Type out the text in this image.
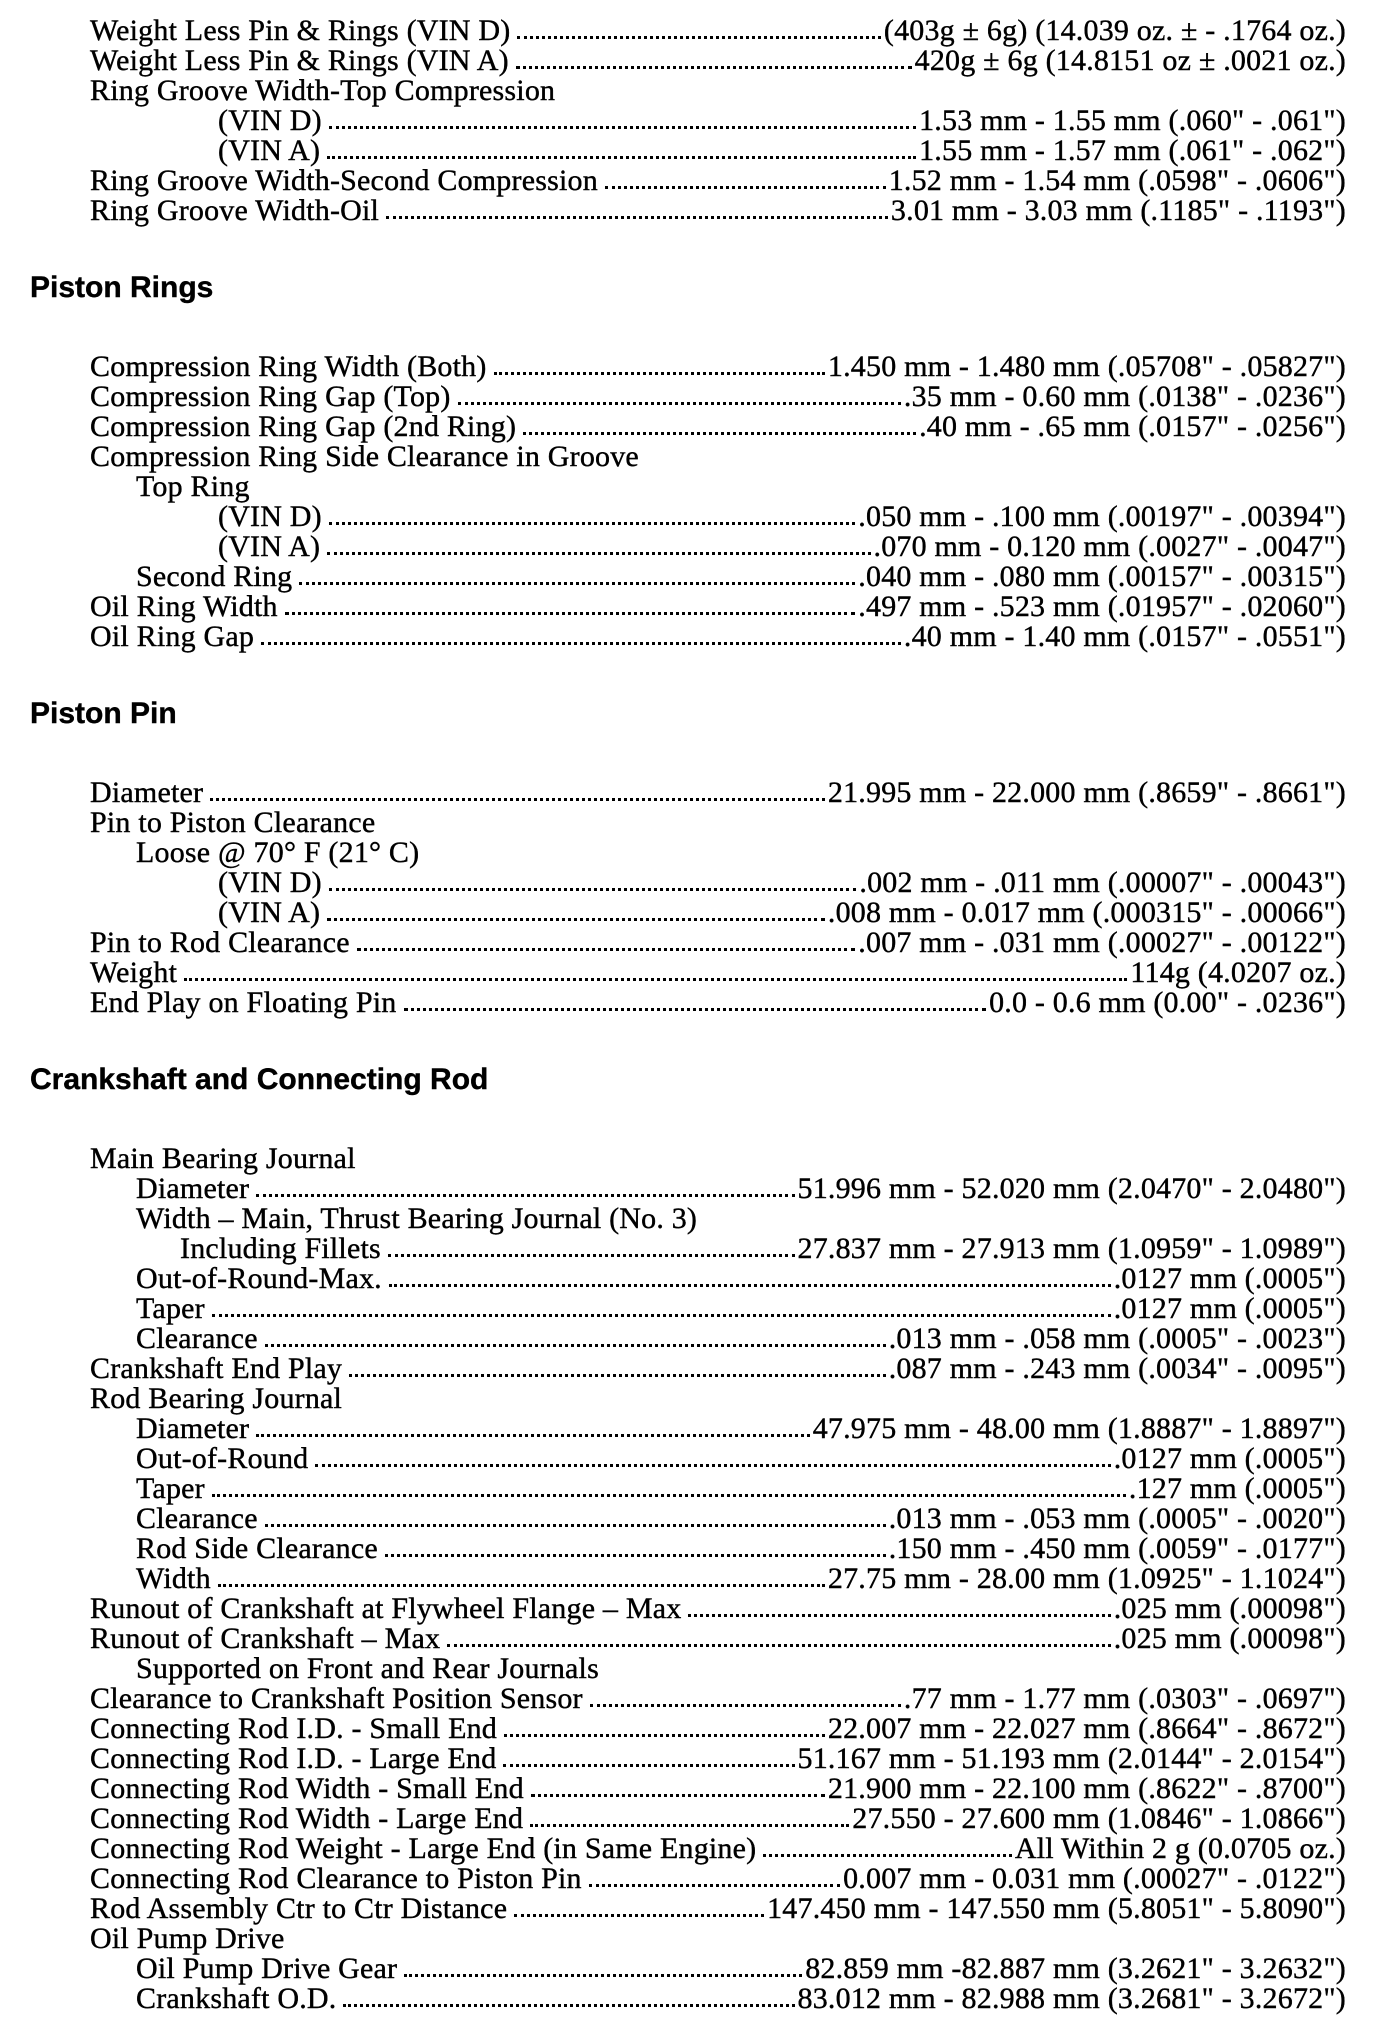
Weight Less Pin & Rings (VIN D)	(403g ± 6g) (14.039 oz. ± - .1764 oz.)
Weight Less Pin & Rings (VIN A)	420g ± 6g (14.8151 oz ± .0021 oz.)
Ring Groove Width-Top Compression
(VIN D)	1.53 mm - 1.55 mm (.060" - .061")
(VIN A)	1.55 mm - 1.57 mm (.061" - .062")
Ring Groove Width-Second Compression	1.52 mm - 1.54 mm (.0598" - .0606")
Ring Groove Width-Oil	3.01 mm - 3.03 mm (.1185" - .1193")
Piston Rings
Compression Ring Width (Both)	1.450 mm - 1.480 mm (.05708" - .05827")
Compression Ring Gap (Top)	.35 mm - 0.60 mm (.0138" - .0236")
Compression Ring Gap (2nd Ring)	.40 mm - .65 mm (.0157" - .0256")
Compression Ring Side Clearance in Groove
Top Ring
(VIN D)	.050 mm - .100 mm (.00197" - .00394")
(VIN A)	.070 mm - 0.120 mm (.0027" - .0047")
Second Ring	.040 mm - .080 mm (.00157" - .00315")
Oil Ring Width	.497 mm - .523 mm (.01957" - .02060")
Oil Ring Gap	.40 mm - 1.40 mm (.0157" - .0551")
Piston Pin
Diameter	21.995 mm - 22.000 mm (.8659" - .8661")
Pin to Piston Clearance
Loose @ 70° F (21° C)
(VIN D)	.002 mm - .011 mm (.00007" - .00043")
(VIN A)	.008 mm - 0.017 mm (.000315" - .00066")
Pin to Rod Clearance	.007 mm - .031 mm (.00027" - .00122")
Weight	114g (4.0207 oz.)
End Play on Floating Pin	0.0 - 0.6 mm (0.00" - .0236")
Crankshaft and Connecting Rod
Main Bearing Journal
Diameter	51.996 mm - 52.020 mm (2.0470" - 2.0480")
Width – Main, Thrust Bearing Journal (No. 3)
Including Fillets	27.837 mm - 27.913 mm (1.0959" - 1.0989")
Out-of-Round-Max.	.0127 mm (.0005")
Taper	.0127 mm (.0005")
Clearance	.013 mm - .058 mm (.0005" - .0023")
Crankshaft End Play	.087 mm - .243 mm (.0034" - .0095")
Rod Bearing Journal
Diameter	47.975 mm - 48.00 mm (1.8887" - 1.8897")
Out-of-Round	.0127 mm (.0005")
Taper	.127 mm (.0005")
Clearance	.013 mm - .053 mm (.0005" - .0020")
Rod Side Clearance	.150 mm - .450 mm (.0059" - .0177")
Width	27.75 mm - 28.00 mm (1.0925" - 1.1024")
Runout of Crankshaft at Flywheel Flange – Max	.025 mm (.00098")
Runout of Crankshaft – Max	.025 mm (.00098")
Supported on Front and Rear Journals
Clearance to Crankshaft Position Sensor	.77 mm - 1.77 mm (.0303" - .0697")
Connecting Rod I.D. - Small End	22.007 mm - 22.027 mm (.8664" - .8672")
Connecting Rod I.D. - Large End	51.167 mm - 51.193 mm (2.0144" - 2.0154")
Connecting Rod Width - Small End	21.900 mm - 22.100 mm (.8622" - .8700")
Connecting Rod Width - Large End	27.550 - 27.600 mm (1.0846" - 1.0866")
Connecting Rod Weight - Large End (in Same Engine)	All Within 2 g (0.0705 oz.)
Connecting Rod Clearance to Piston Pin	0.007 mm - 0.031 mm (.00027" - .0122")
Rod Assembly Ctr to Ctr Distance	147.450 mm - 147.550 mm (5.8051" - 5.8090")
Oil Pump Drive
Oil Pump Drive Gear	82.859 mm -82.887 mm (3.2621" - 3.2632")
Crankshaft O.D.	83.012 mm - 82.988 mm (3.2681" - 3.2672")
